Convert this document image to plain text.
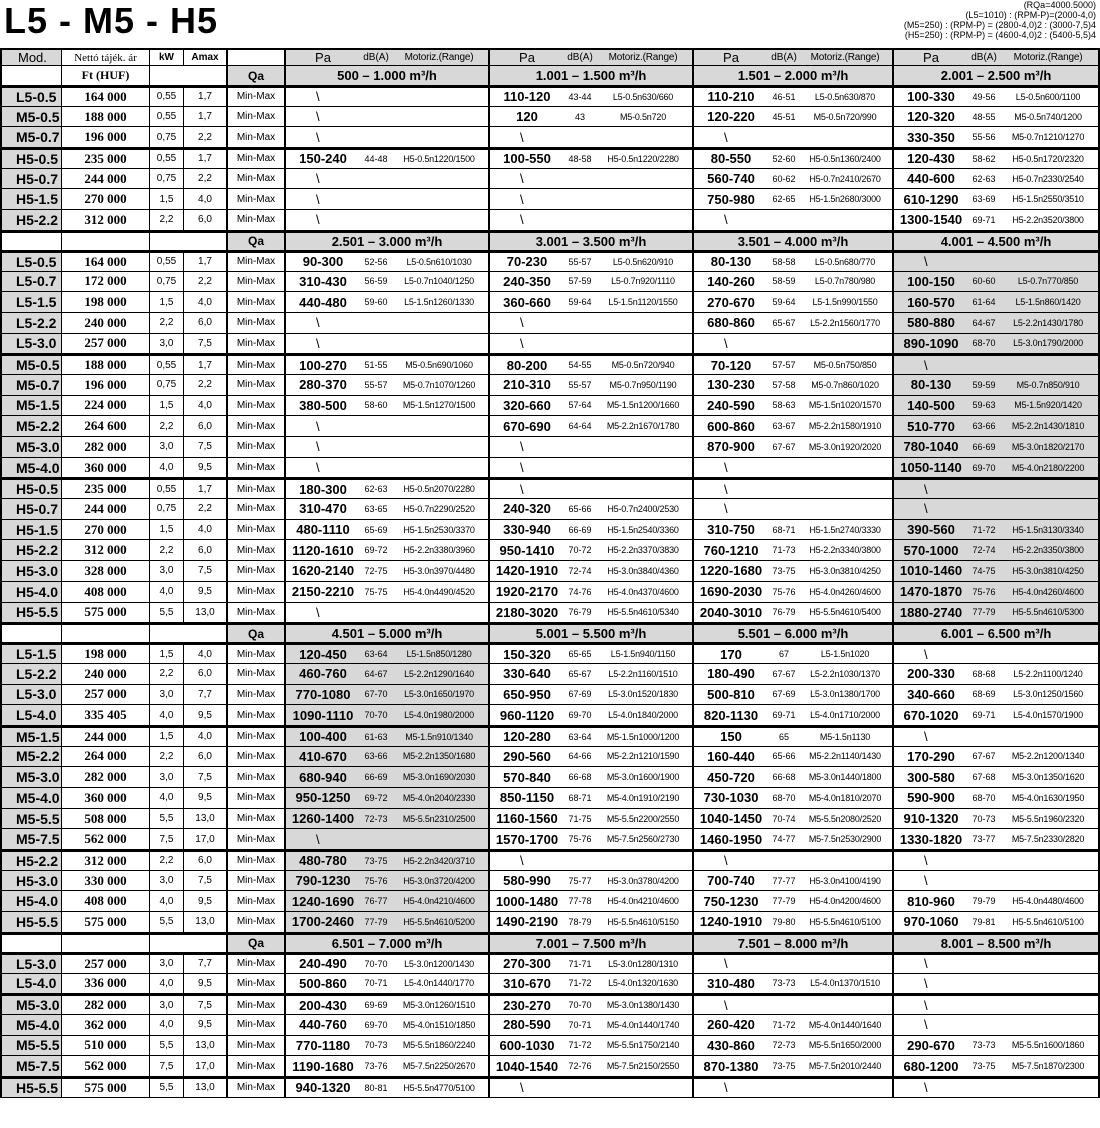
L5 - M5 - H5	(RQa=4000.5000)
(L5=1010) : (RPM-P)=(2000-4,0)
(M5=250) : (RPM-P) = (2800-4,0)2 : (3000-7,5)4
(H5=250) : (RPM-P) = (4600-4,0)2 : (5400-5,5)4
Mod.	Nettó tájék. ár	kW	Amax	Pa	dB(A)	Motoriz.(Range)	Pa	dB(A)	Motoriz.(Range)	Pa	dB(A)	Motoriz.(Range)	Pa	dB(A)	Motoriz.(Range)
Ft (HUF)	Qa	500 – 1.000 m³/h	1.001 – 1.500 m³/h	1.501 – 2.000 m³/h	2.001 – 2.500 m³/h
L5-0.5	164 000	0,55	1,7	Min-Max	\	110-120	43-44	L5-0.5n630/660	110-210	46-51	L5-0.5n630/870	100-330	49-56	L5-0.5n600/1100
M5-0.5	188 000	0,55	1,7	Min-Max	\	120	43	M5-0.5n720	120-220	45-51	M5-0.5n720/990	120-320	48-55	M5-0.5n740/1200
M5-0.7	196 000	0,75	2,2	Min-Max	\	\	\	330-350	55-56	M5-0.7n1210/1270
H5-0.5	235 000	0,55	1,7	Min-Max	150-240	44-48	H5-0.5n1220/1500	100-550	48-58	H5-0.5n1220/2280	80-550	52-60	H5-0.5n1360/2400	120-430	58-62	H5-0.5n1720/2320
H5-0.7	244 000	0,75	2,2	Min-Max	\	\	560-740	60-62	H5-0.7n2410/2670	440-600	62-63	H5-0.7n2330/2540
H5-1.5	270 000	1,5	4,0	Min-Max	\	\	750-980	62-65	H5-1.5n2680/3000	610-1290	63-69	H5-1.5n2550/3510
H5-2.2	312 000	2,2	6,0	Min-Max	\	\	\	1300-1540	69-71	H5-2.2n3520/3800
Qa	2.501 – 3.000 m³/h	3.001 – 3.500 m³/h	3.501 – 4.000 m³/h	4.001 – 4.500 m³/h
L5-0.5	164 000	0,55	1,7	Min-Max	90-300	52-56	L5-0.5n610/1030	70-230	55-57	L5-0.5n620/910	80-130	58-58	L5-0.5n680/770	\
L5-0.7	172 000	0,75	2,2	Min-Max	310-430	56-59	L5-0.7n1040/1250	240-350	57-59	L5-0.7n920/1110	140-260	58-59	L5-0.7n780/980	100-150	60-60	L5-0.7n770/850
L5-1.5	198 000	1,5	4,0	Min-Max	440-480	59-60	L5-1.5n1260/1330	360-660	59-64	L5-1.5n1120/1550	270-670	59-64	L5-1.5n990/1550	160-570	61-64	L5-1.5n860/1420
L5-2.2	240 000	2,2	6,0	Min-Max	\	\	680-860	65-67	L5-2.2n1560/1770	580-880	64-67	L5-2.2n1430/1780
L5-3.0	257 000	3,0	7,5	Min-Max	\	\	\	890-1090	68-70	L5-3.0n1790/2000
M5-0.5	188 000	0,55	1,7	Min-Max	100-270	51-55	M5-0.5n690/1060	80-200	54-55	M5-0.5n720/940	70-120	57-57	M5-0.5n750/850	\
M5-0.7	196 000	0,75	2,2	Min-Max	280-370	55-57	M5-0.7n1070/1260	210-310	55-57	M5-0.7n950/1190	130-230	57-58	M5-0.7n860/1020	80-130	59-59	M5-0.7n850/910
M5-1.5	224 000	1,5	4,0	Min-Max	380-500	58-60	M5-1.5n1270/1500	320-660	57-64	M5-1.5n1200/1660	240-590	58-63	M5-1.5n1020/1570	140-500	59-63	M5-1.5n920/1420
M5-2.2	264 600	2,2	6,0	Min-Max	\	670-690	64-64	M5-2.2n1670/1780	600-860	63-67	M5-2.2n1580/1910	510-770	63-66	M5-2.2n1430/1810
M5-3.0	282 000	3,0	7,5	Min-Max	\	\	870-900	67-67	M5-3.0n1920/2020	780-1040	66-69	M5-3.0n1820/2170
M5-4.0	360 000	4,0	9,5	Min-Max	\	\	\	1050-1140	69-70	M5-4.0n2180/2200
H5-0.5	235 000	0,55	1,7	Min-Max	180-300	62-63	H5-0.5n2070/2280	\	\	\
H5-0.7	244 000	0,75	2,2	Min-Max	310-470	63-65	H5-0.7n2290/2520	240-320	65-66	H5-0.7n2400/2530	\	\
H5-1.5	270 000	1,5	4,0	Min-Max	480-1110	65-69	H5-1.5n2530/3370	330-940	66-69	H5-1.5n2540/3360	310-750	68-71	H5-1.5n2740/3330	390-560	71-72	H5-1.5n3130/3340
H5-2.2	312 000	2,2	6,0	Min-Max	1120-1610	69-72	H5-2.2n3380/3960	950-1410	70-72	H5-2.2n3370/3830	760-1210	71-73	H5-2.2n3340/3800	570-1000	72-74	H5-2.2n3350/3800
H5-3.0	328 000	3,0	7,5	Min-Max	1620-2140	72-75	H5-3.0n3970/4480	1420-1910	72-74	H5-3.0n3840/4360	1220-1680	73-75	H5-3.0n3810/4250	1010-1460	74-75	H5-3.0n3810/4250
H5-4.0	408 000	4,0	9,5	Min-Max	2150-2210	75-75	H5-4.0n4490/4520	1920-2170	74-76	H5-4.0n4370/4600	1690-2030	75-76	H5-4.0n4260/4600	1470-1870	75-76	H5-4.0n4260/4600
H5-5.5	575 000	5,5	13,0	Min-Max	\	2180-3020	76-79	H5-5.5n4610/5340	2040-3010	76-79	H5-5.5n4610/5400	1880-2740	77-79	H5-5.5n4610/5300
Qa	4.501 – 5.000 m³/h	5.001 – 5.500 m³/h	5.501 – 6.000 m³/h	6.001 – 6.500 m³/h
L5-1.5	198 000	1,5	4,0	Min-Max	120-450	63-64	L5-1.5n850/1280	150-320	65-65	L5-1.5n940/1150	170	67	L5-1.5n1020	\
L5-2.2	240 000	2,2	6,0	Min-Max	460-760	64-67	L5-2.2n1290/1640	330-640	65-67	L5-2.2n1160/1510	180-490	67-67	L5-2.2n1030/1370	200-330	68-68	L5-2.2n1100/1240
L5-3.0	257 000	3,0	7,7	Min-Max	770-1080	67-70	L5-3.0n1650/1970	650-950	67-69	L5-3.0n1520/1830	500-810	67-69	L5-3.0n1380/1700	340-660	68-69	L5-3.0n1250/1560
L5-4.0	335 405	4,0	9,5	Min-Max	1090-1110	70-70	L5-4.0n1980/2000	960-1120	69-70	L5-4.0n1840/2000	820-1130	69-71	L5-4.0n1710/2000	670-1020	69-71	L5-4.0n1570/1900
M5-1.5	244 000	1,5	4,0	Min-Max	100-400	61-63	M5-1.5n910/1340	120-280	63-64	M5-1.5n1000/1200	150	65	M5-1.5n1130	\
M5-2.2	264 000	2,2	6,0	Min-Max	410-670	63-66	M5-2.2n1350/1680	290-560	64-66	M5-2.2n1210/1590	160-440	65-66	M5-2.2n1140/1430	170-290	67-67	M5-2.2n1200/1340
M5-3.0	282 000	3,0	7,5	Min-Max	680-940	66-69	M5-3.0n1690/2030	570-840	66-68	M5-3.0n1600/1900	450-720	66-68	M5-3.0n1440/1800	300-580	67-68	M5-3.0n1350/1620
M5-4.0	360 000	4,0	9,5	Min-Max	950-1250	69-72	M5-4.0n2040/2330	850-1150	68-71	M5-4.0n1910/2190	730-1030	68-70	M5-4.0n1810/2070	590-900	68-70	M5-4.0n1630/1950
M5-5.5	508 000	5,5	13,0	Min-Max	1260-1400	72-73	M5-5.5n2310/2500	1160-1560	71-75	M5-5.5n2200/2550	1040-1450	70-74	M5-5.5n2080/2520	910-1320	70-73	M5-5.5n1960/2320
M5-7.5	562 000	7,5	17,0	Min-Max	\	1570-1700	75-76	M5-7.5n2560/2730	1460-1950	74-77	M5-7.5n2530/2900	1330-1820	73-77	M5-7.5n2330/2820
H5-2.2	312 000	2,2	6,0	Min-Max	480-780	73-75	H5-2.2n3420/3710	\	\	\
H5-3.0	330 000	3,0	7,5	Min-Max	790-1230	75-76	H5-3.0n3720/4200	580-990	75-77	H5-3.0n3780/4200	700-740	77-77	H5-3.0n4100/4190	\
H5-4.0	408 000	4,0	9,5	Min-Max	1240-1690	76-77	H5-4.0n4210/4600	1000-1480	77-78	H5-4.0n4210/4600	750-1230	77-79	H5-4.0n4200/4600	810-960	79-79	H5-4.0n4480/4600
H5-5.5	575 000	5,5	13,0	Min-Max	1700-2460	77-79	H5-5.5n4610/5200	1490-2190	78-79	H5-5.5n4610/5150	1240-1910	79-80	H5-5.5n4610/5100	970-1060	79-81	H5-5.5n4610/5100
Qa	6.501 – 7.000 m³/h	7.001 – 7.500 m³/h	7.501 – 8.000 m³/h	8.001 – 8.500 m³/h
L5-3.0	257 000	3,0	7,7	Min-Max	240-490	70-70	L5-3.0n1200/1430	270-300	71-71	L5-3.0n1280/1310	\	\
L5-4.0	336 000	4,0	9,5	Min-Max	500-860	70-71	L5-4.0n1440/1770	310-670	71-72	L5-4.0n1320/1630	310-480	73-73	L5-4.0n1370/1510	\
M5-3.0	282 000	3,0	7,5	Min-Max	200-430	69-69	M5-3.0n1260/1510	230-270	70-70	M5-3.0n1380/1430	\	\
M5-4.0	362 000	4,0	9,5	Min-Max	440-760	69-70	M5-4.0n1510/1850	280-590	70-71	M5-4.0n1440/1740	260-420	71-72	M5-4.0n1440/1640	\
M5-5.5	510 000	5,5	13,0	Min-Max	770-1180	70-73	M5-5.5n1860/2240	600-1030	71-72	M5-5.5n1750/2140	430-860	72-73	M5-5.5n1650/2000	290-670	73-73	M5-5.5n1600/1860
M5-7.5	562 000	7,5	17,0	Min-Max	1190-1680	73-76	M5-7.5n2250/2670	1040-1540	72-76	M5-7.5n2150/2550	870-1380	73-75	M5-7.5n2010/2440	680-1200	73-75	M5-7.5n1870/2300
H5-5.5	575 000	5,5	13,0	Min-Max	940-1320	80-81	H5-5.5n4770/5100	\	\	\
